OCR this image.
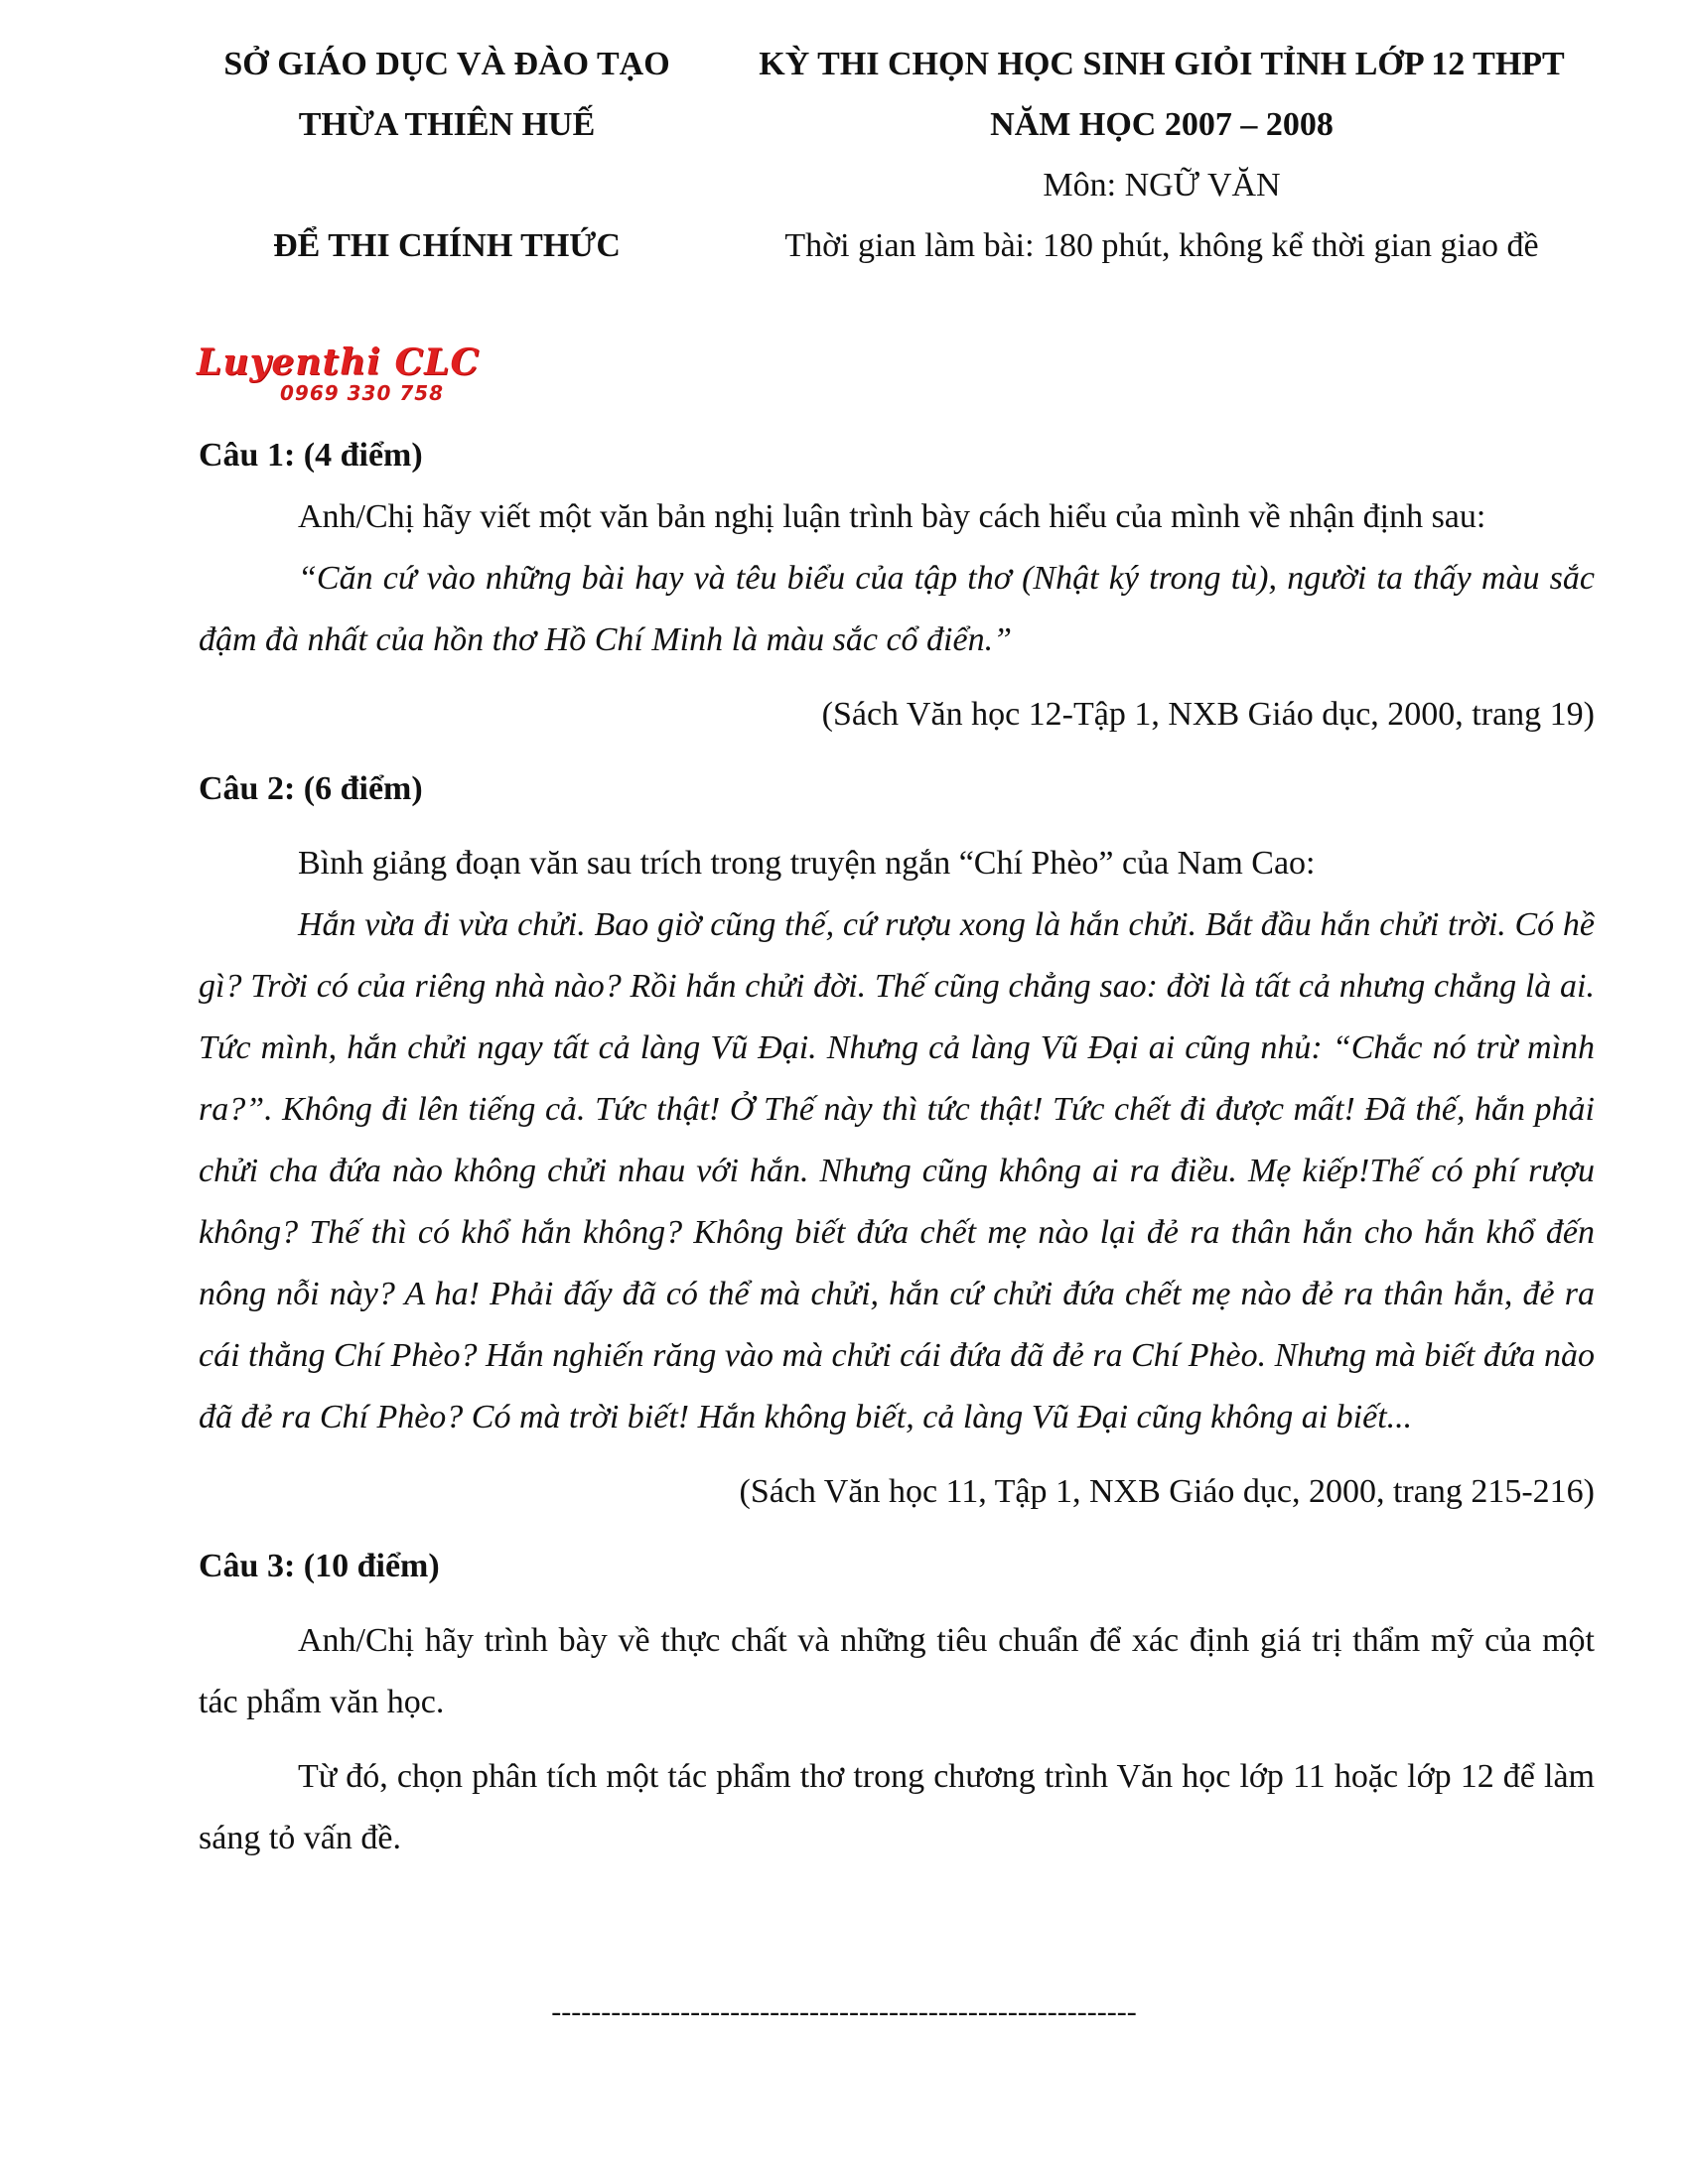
SỞ GIÁO DỤC VÀ ĐÀO TẠO
THỪA THIÊN HUẾ
ĐỂ THI CHÍNH THỨC
KỲ THI CHỌN HỌC SINH GIỎI TỈNH LỚP 12 THPT
NĂM HỌC 2007 – 2008
Môn: NGỮ VĂN
Thời gian làm bài: 180 phút, không kể thời gian giao đề
Luyenthi CLC
0969 330 758

Câu 1: (4 điểm)

Anh/Chị hãy viết một văn bản nghị luận trình bày cách hiểu của mình về nhận định sau:

“Căn cứ vào những bài hay và têu biểu của tập thơ (Nhật ký trong tù), người ta thấy màu sắc đậm đà nhất của hồn thơ Hồ Chí Minh là màu sắc cổ điển.”

(Sách Văn học 12-Tập 1, NXB Giáo dục, 2000, trang 19)

Câu 2: (6 điểm)

Bình giảng đoạn văn sau trích trong truyện ngắn “Chí Phèo” của Nam Cao:

Hắn vừa đi vừa chửi. Bao giờ cũng thế, cứ rượu xong là hắn chửi. Bắt đầu hắn chửi trời. Có hề gì? Trời có của riêng nhà nào? Rồi hắn chửi đời. Thế cũng chẳng sao: đời là tất cả nhưng chẳng là ai. Tức mình, hắn chửi ngay tất cả làng Vũ Đại. Nhưng cả làng Vũ Đại ai cũng nhủ: “Chắc nó trừ mình ra?”. Không đi lên tiếng cả. Tức thật! Ở Thế này thì tức thật! Tức chết đi được mất! Đã thế, hắn phải chửi cha đứa nào không chửi nhau với hắn. Nhưng cũng không ai ra điều. Mẹ kiếp!Thế có phí rượu không? Thế thì có khổ hắn không? Không biết đứa chết mẹ nào lại đẻ ra thân hắn cho hắn khổ đến nông nỗi này? A ha! Phải đấy đã có thể mà chửi, hắn cứ chửi đứa chết mẹ nào đẻ ra thân hắn, đẻ ra cái thằng Chí Phèo? Hắn nghiến răng vào mà chửi cái đứa đã đẻ ra Chí Phèo. Nhưng mà biết đứa nào đã đẻ ra Chí Phèo? Có mà trời biết! Hắn không biết, cả làng Vũ Đại cũng không ai biết...

(Sách Văn học 11, Tập 1, NXB Giáo dục, 2000, trang 215-216)

Câu 3: (10 điểm)

Anh/Chị hãy trình bày về thực chất và những tiêu chuẩn để xác định giá trị thẩm mỹ của một tác phẩm văn học.

Từ đó, chọn phân tích một tác phẩm thơ trong chương trình Văn học lớp 11 hoặc lớp 12 để làm sáng tỏ vấn đề.

-----------------------------------------------------------
